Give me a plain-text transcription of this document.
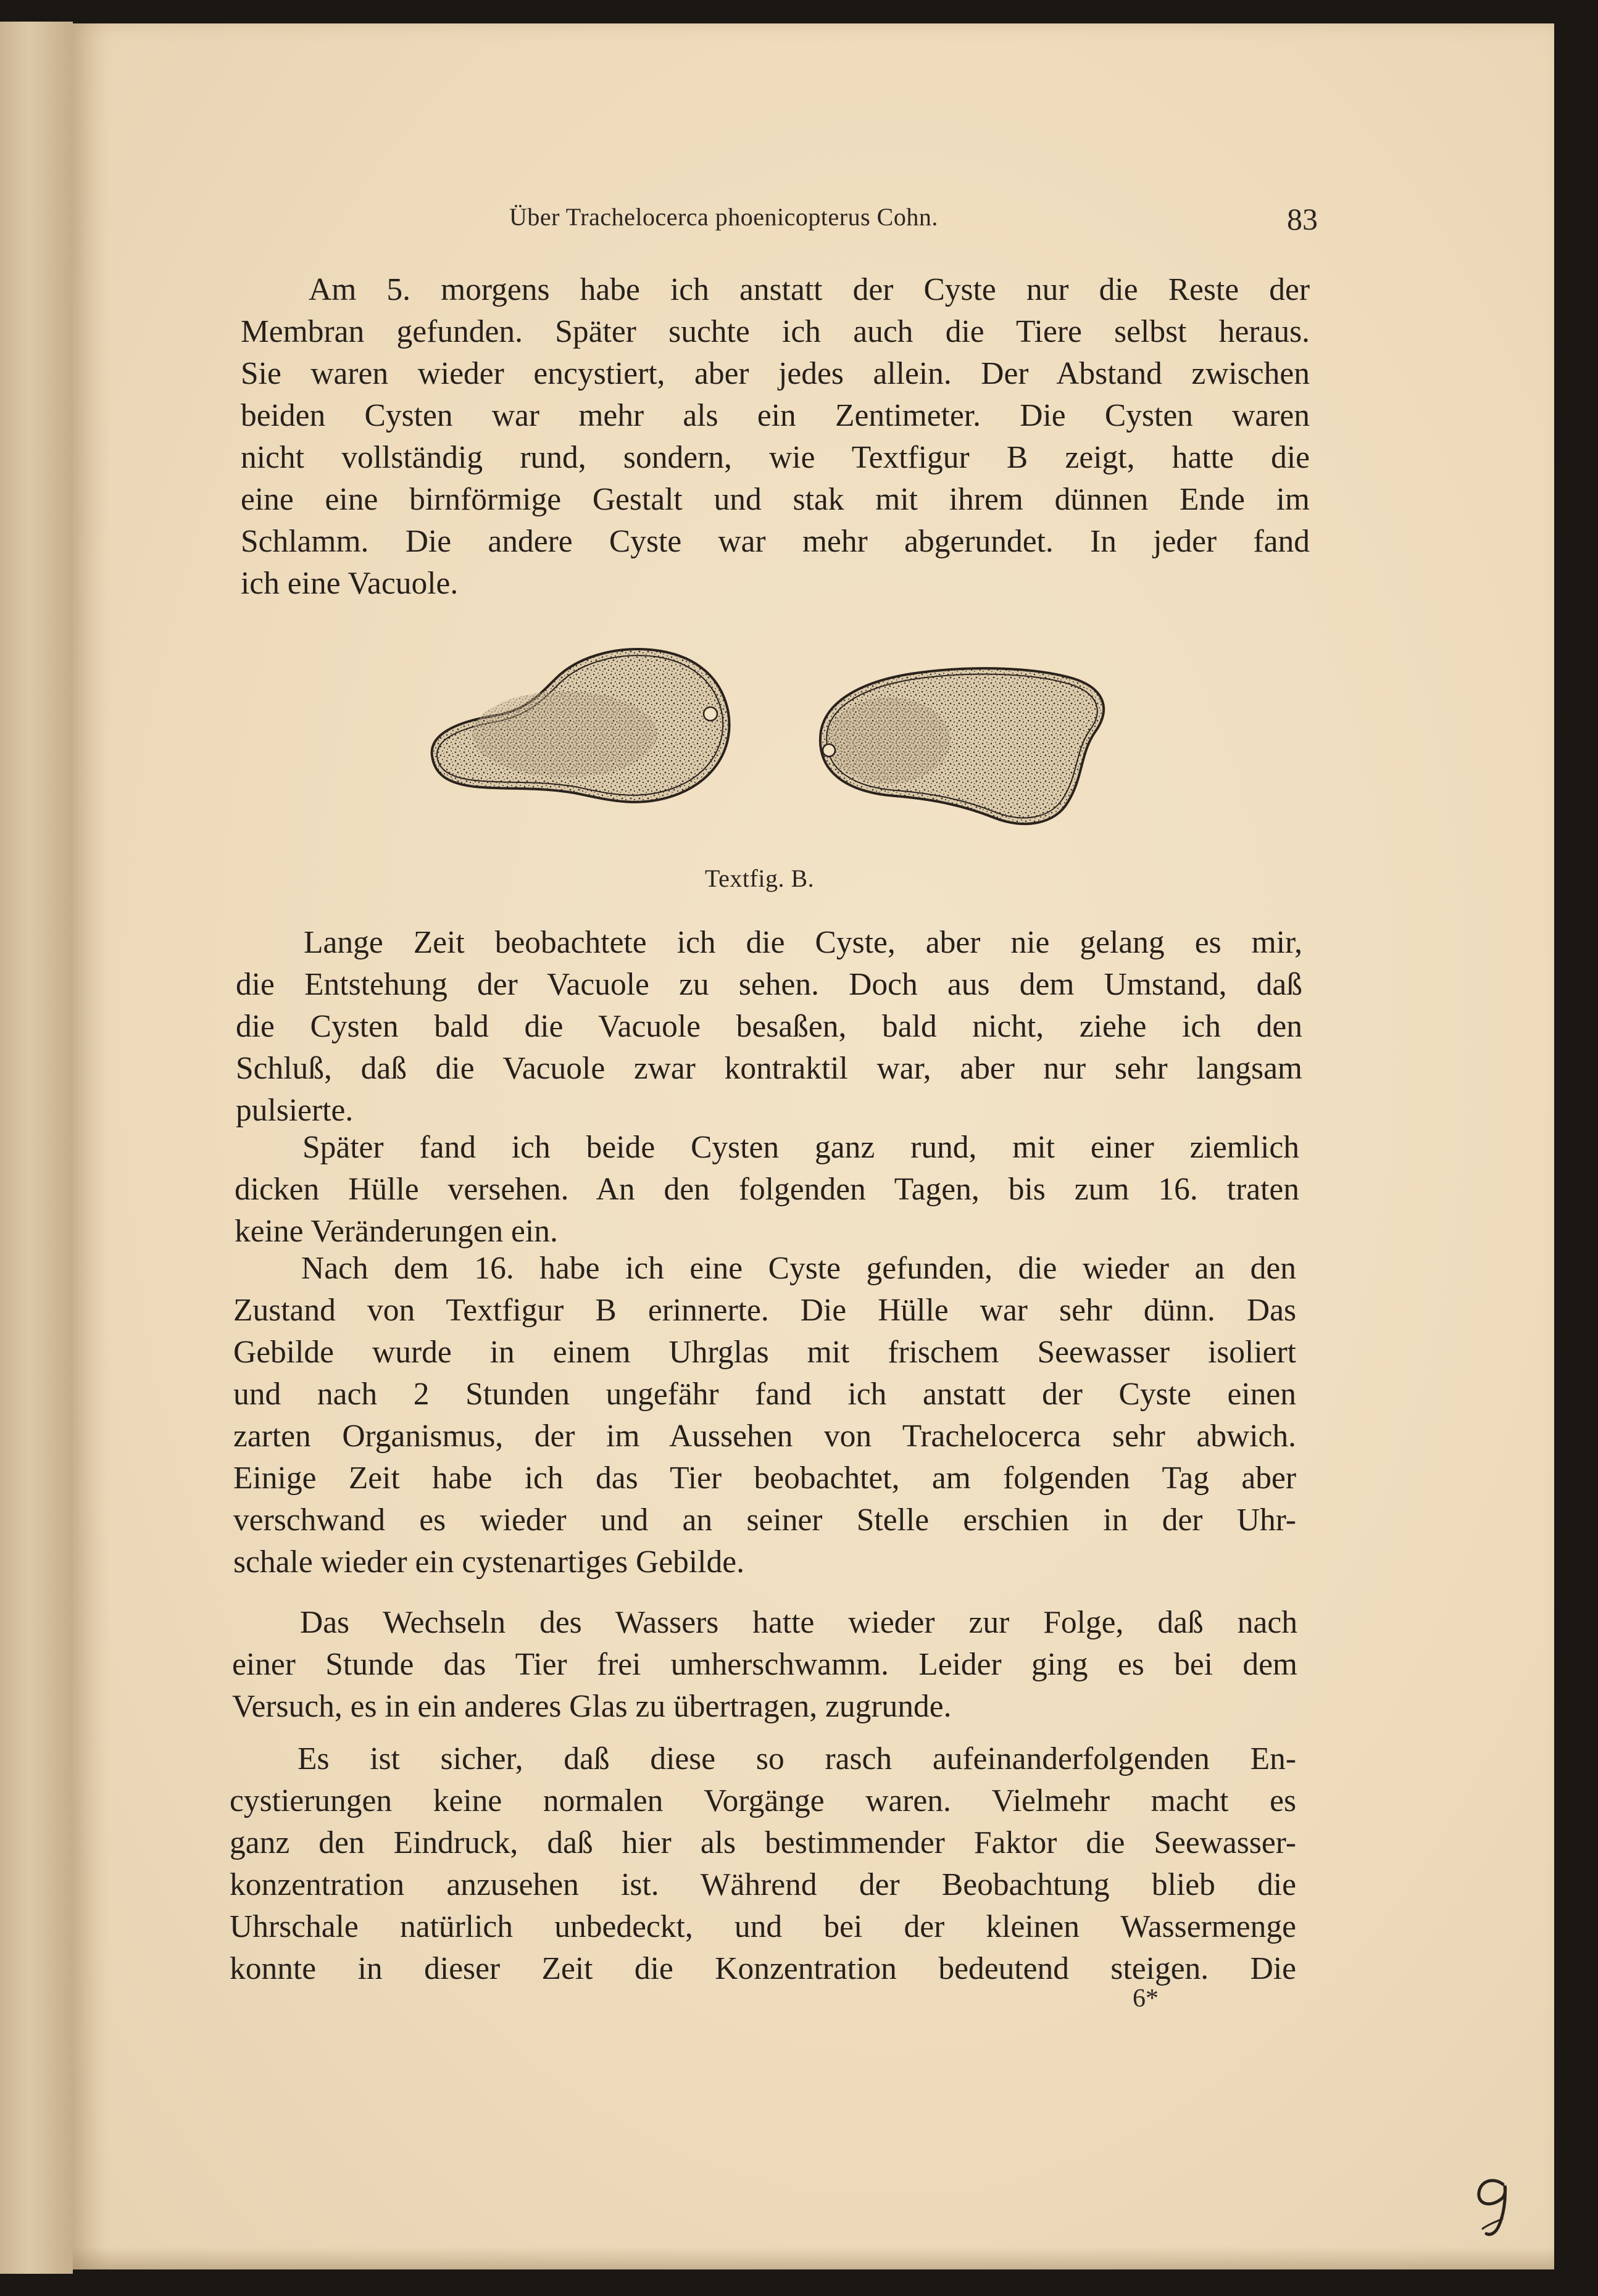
Über Trachelocerca phoenicopterus Cohn.	83
Am 5. morgens habe ich anstatt der Cyste nur die Reste der
Membran gefunden. Später suchte ich auch die Tiere selbst heraus.
Sie waren wieder encystiert, aber jedes allein. Der Abstand zwischen
beiden Cysten war mehr als ein Zentimeter. Die Cysten waren
nicht vollständig rund, sondern, wie Textfigur B zeigt, hatte die
eine eine birnförmige Gestalt und stak mit ihrem dünnen Ende im
Schlamm. Die andere Cyste war mehr abgerundet. In jeder fand
ich eine Vacuole.
Textfig. B.
Lange Zeit beobachtete ich die Cyste, aber nie gelang es mir,
die Entstehung der Vacuole zu sehen. Doch aus dem Umstand, daß
die Cysten bald die Vacuole besaßen, bald nicht, ziehe ich den
Schluß, daß die Vacuole zwar kontraktil war, aber nur sehr langsam
pulsierte.
Später fand ich beide Cysten ganz rund, mit einer ziemlich
dicken Hülle versehen. An den folgenden Tagen, bis zum 16. traten
keine Veränderungen ein.
Nach dem 16. habe ich eine Cyste gefunden, die wieder an den
Zustand von Textfigur B erinnerte. Die Hülle war sehr dünn. Das
Gebilde wurde in einem Uhrglas mit frischem Seewasser isoliert
und nach 2 Stunden ungefähr fand ich anstatt der Cyste einen
zarten Organismus, der im Aussehen von Trachelocerca sehr abwich.
Einige Zeit habe ich das Tier beobachtet, am folgenden Tag aber
verschwand es wieder und an seiner Stelle erschien in der Uhr-
schale wieder ein cystenartiges Gebilde.
Das Wechseln des Wassers hatte wieder zur Folge, daß nach
einer Stunde das Tier frei umherschwamm. Leider ging es bei dem
Versuch, es in ein anderes Glas zu übertragen, zugrunde.
Es ist sicher, daß diese so rasch aufeinanderfolgenden En-
cystierungen keine normalen Vorgänge waren. Vielmehr macht es
ganz den Eindruck, daß hier als bestimmender Faktor die Seewasser-
konzentration anzusehen ist. Während der Beobachtung blieb die
Uhrschale natürlich unbedeckt, und bei der kleinen Wassermenge
konnte in dieser Zeit die Konzentration bedeutend steigen. Die
6*
